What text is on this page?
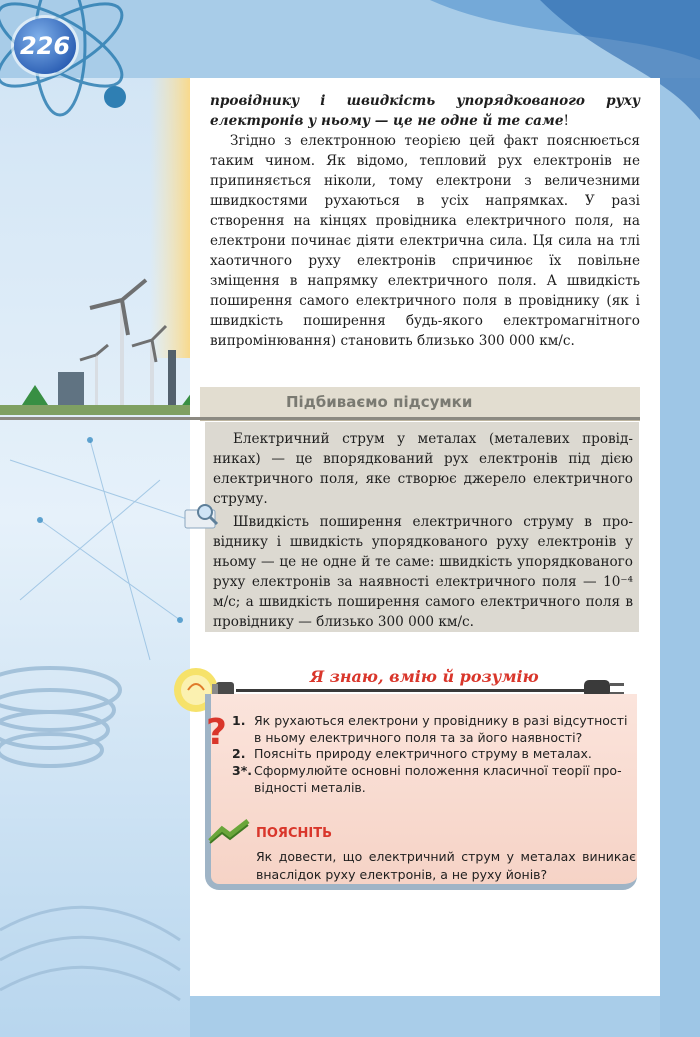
226

провіднику і швидкість упорядкованого руху електронів у ньому — це не одне й те саме!

Згідно з електронною теорією цей факт пояснюється таким чином. Як відомо, тепловий рух електронів не припиняється ніколи, тому електрони з величезними швидкостями рухаються в усіх напрямках. У разі створення на кінцях провідника електричного поля, на електрони починає діяти електрична сила. Ця сила на тлі хаотичного руху електронів спричинює їх повільне зміщення в напрямку електричного поля. А швидкість поширення самого електричного поля в провіднику (як і швидкість поширення будь-якого електромагнітного випромінювання) становить близько 300 000 км/с.

Підбиваємо підсумки

Електричний струм у металах (металевих провідниках) — це впорядкований рух електронів під дією електричного поля, яке створює джерело електричного струму.

Швидкість поширення електричного струму в провіднику і швидкість упорядкованого руху електронів у ньому — це не одне й те саме: швидкість упорядкованого руху електронів за наявності електричного поля — 10⁻⁴ м/с; а швидкість поширення самого електричного поля в провіднику — близько 300 000 км/с.

Я знаю, вмію й розумію
? 1. Як рухаються електрони у провіднику в разі відсутності в ньому електричного поля та за його наявності?
2. Поясніть природу електричного струму в металах.
3*. Сформулюйте основні положення класичної теорії провідності металів.
ПОЯСНІТЬ
Як довести, що електричний струм у металах виникає внаслідок руху електронів, а не руху йонів?
